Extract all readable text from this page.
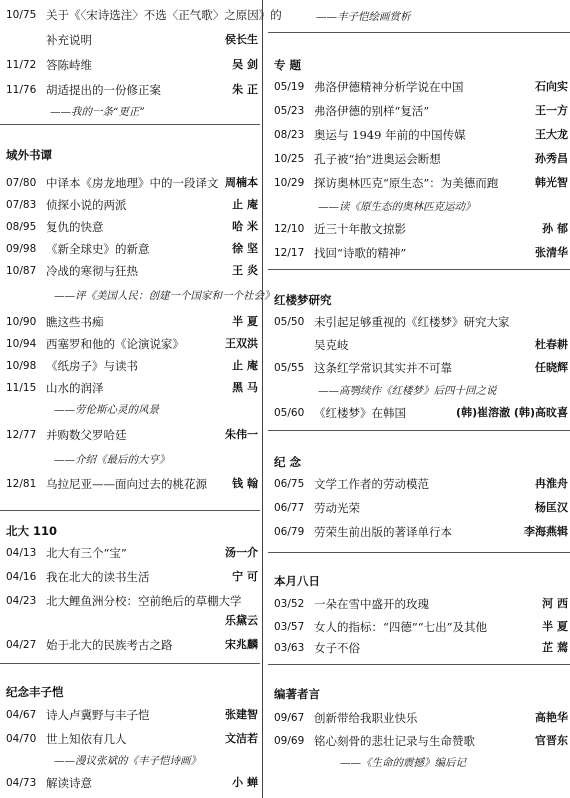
10/75 关于《〈宋诗选注〉不选〈正气歌〉之原因》的
补充说明	侯长生
11/72 答陈峙维	吴 剑
11/76 胡适提出的一份修正案	朱 正
——我的一条“更正”
域外书谭
07/80 中译本《房龙地理》中的一段译文 周楠本
07/83 侦探小说的两派	止 庵
08/95 复仇的快意	哈 米
09/98 《新全球史》的新意	徐 坚
10/87 冷战的寒彻与狂热	王 炎
——评《美国人民：创建一个国家和一个社会》
10/90 瞧这些书痴	半 夏
10/94 西塞罗和他的《论演说家》	王双洪
10/98 《纸房子》与读书	止 庵
11/15 山水的润泽	黑 马
——劳伦斯心灵的风景
12/77 并购数父罗哈廷	朱伟一
——介绍《最后的大亨》
12/81 乌拉尼亚——面向过去的桃花源 钱 翰
北大 110
04/13 北大有三个“宝”	汤一介
04/16 我在北大的读书生活	宁 可
04/23 北大鲤鱼洲分校：空前绝后的草棚大学
乐黛云
04/27 始于北大的民族考古之路	宋兆麟
纪念丰子恺
04/67 诗人卢冀野与丰子恺	张建智
04/70 世上知依有几人	文洁若
——漫议张斌的《丰子恺诗画》
04/73 解读诗意	小 蝉
——丰子恺绘画赏析
专 题
05/19 弗洛伊德精神分析学说在中国	石向实
05/23 弗洛伊德的别样“复活”	王一方
08/23 奥运与 1949 年前的中国传媒	王大龙
10/25 孔子被“抬”进奥运会断想	孙秀昌
10/29 探访奥林匹克“原生态”：为美德而跑	韩光智
——读《原生态的奥林匹克运动》
12/10 近三十年散文掠影	孙 郁
12/17 找回“诗歌的精神”	张清华
红楼梦研究
05/50 未引起足够重视的《红楼梦》研究大家
吴克岐	杜春耕
05/55 这条红学常识其实并不可靠	任晓辉
——高鹗续作《红楼梦》后四十回之说
05/60 《红楼梦》在韩国	(韩)崔溶澈 (韩)高旼喜
纪 念
06/75 文学工作者的劳动模范	冉淮舟
06/77 劳动光荣	杨匡汉
06/79 劳荣生前出版的著译单行本	李海燕辑
本月八日
03/52 一朵在雪中盛开的玫瑰	河 西
03/57 女人的指标：“四德”“七出”及其他	半 夏
03/63 女子不俗	芷 蔫
编著者言
09/67 创新带给我职业快乐	高艳华
09/69 铭心刻骨的悲壮记录与生命赞歌	官晋东
——《生命的震撼》编后记
